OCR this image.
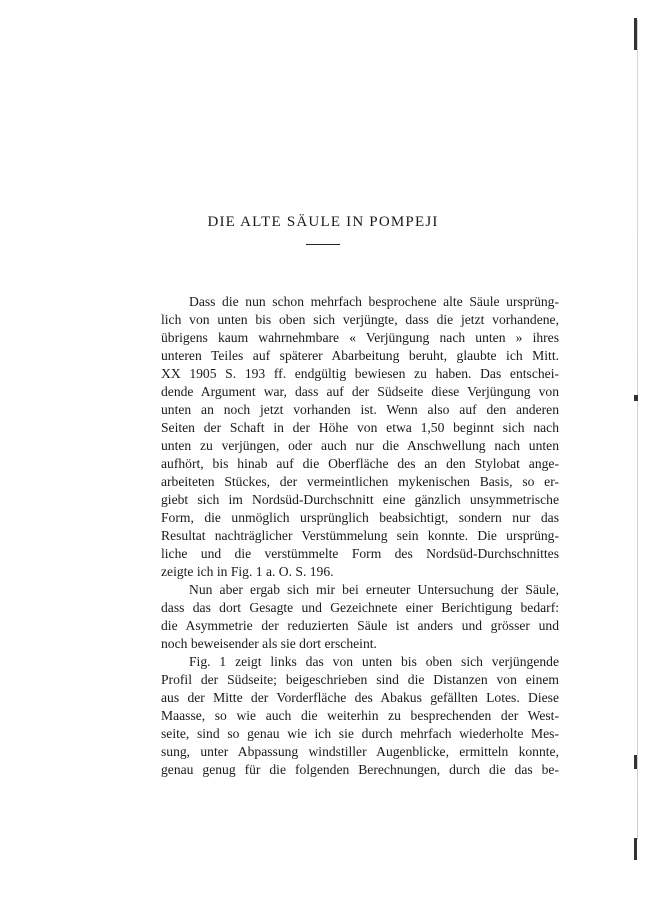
DIE ALTE SÄULE IN POMPEJI
Dass die nun schon mehrfach besprochene alte Säule ursprüng-
lich von unten bis oben sich verjüngte, dass die jetzt vorhandene,
übrigens kaum wahrnehmbare « Verjüngung nach unten » ihres
unteren Teiles auf späterer Abarbeitung beruht, glaubte ich Mitt.
XX 1905 S. 193 ff. endgültig bewiesen zu haben. Das entschei-
dende Argument war, dass auf der Südseite diese Verjüngung von
unten an noch jetzt vorhanden ist. Wenn also auf den anderen
Seiten der Schaft in der Höhe von etwa 1,50 beginnt sich nach
unten zu verjüngen, oder auch nur die Anschwellung nach unten
aufhört, bis hinab auf die Oberfläche des an den Stylobat ange-
arbeiteten Stückes, der vermeintlichen mykenischen Basis, so er-
giebt sich im Nordsüd-Durchschnitt eine gänzlich unsymmetrische
Form, die unmöglich ursprünglich beabsichtigt, sondern nur das
Resultat nachträglicher Verstümmelung sein konnte. Die ursprüng-
liche und die verstümmelte Form des Nordsüd-Durchschnittes
zeigte ich in Fig. 1 a. O. S. 196.
Nun aber ergab sich mir bei erneuter Untersuchung der Säule,
dass das dort Gesagte und Gezeichnete einer Berichtigung bedarf:
die Asymmetrie der reduzierten Säule ist anders und grösser und
noch beweisender als sie dort erscheint.
Fig. 1 zeigt links das von unten bis oben sich verjüngende
Profil der Südseite; beigeschrieben sind die Distanzen von einem
aus der Mitte der Vorderfläche des Abakus gefällten Lotes. Diese
Maasse, so wie auch die weiterhin zu besprechenden der West-
seite, sind so genau wie ich sie durch mehrfach wiederholte Mes-
sung, unter Abpassung windstiller Augenblicke, ermitteln konnte,
genau genug für die folgenden Berechnungen, durch die das be-
